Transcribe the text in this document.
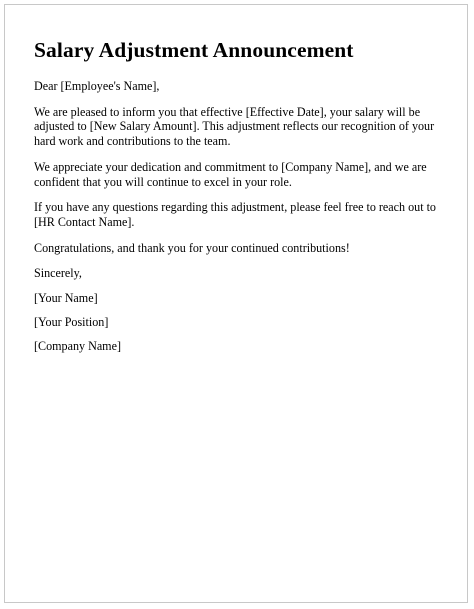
Salary Adjustment Announcement

Dear [Employee's Name],

We are pleased to inform you that effective [Effective Date], your salary will be adjusted to [New Salary Amount]. This adjustment reflects our recognition of your hard work and contributions to the team.

We appreciate your dedication and commitment to [Company Name], and we are confident that you will continue to excel in your role.

If you have any questions regarding this adjustment, please feel free to reach out to [HR Contact Name].

Congratulations, and thank you for your continued contributions!

Sincerely,

[Your Name]

[Your Position]

[Company Name]
